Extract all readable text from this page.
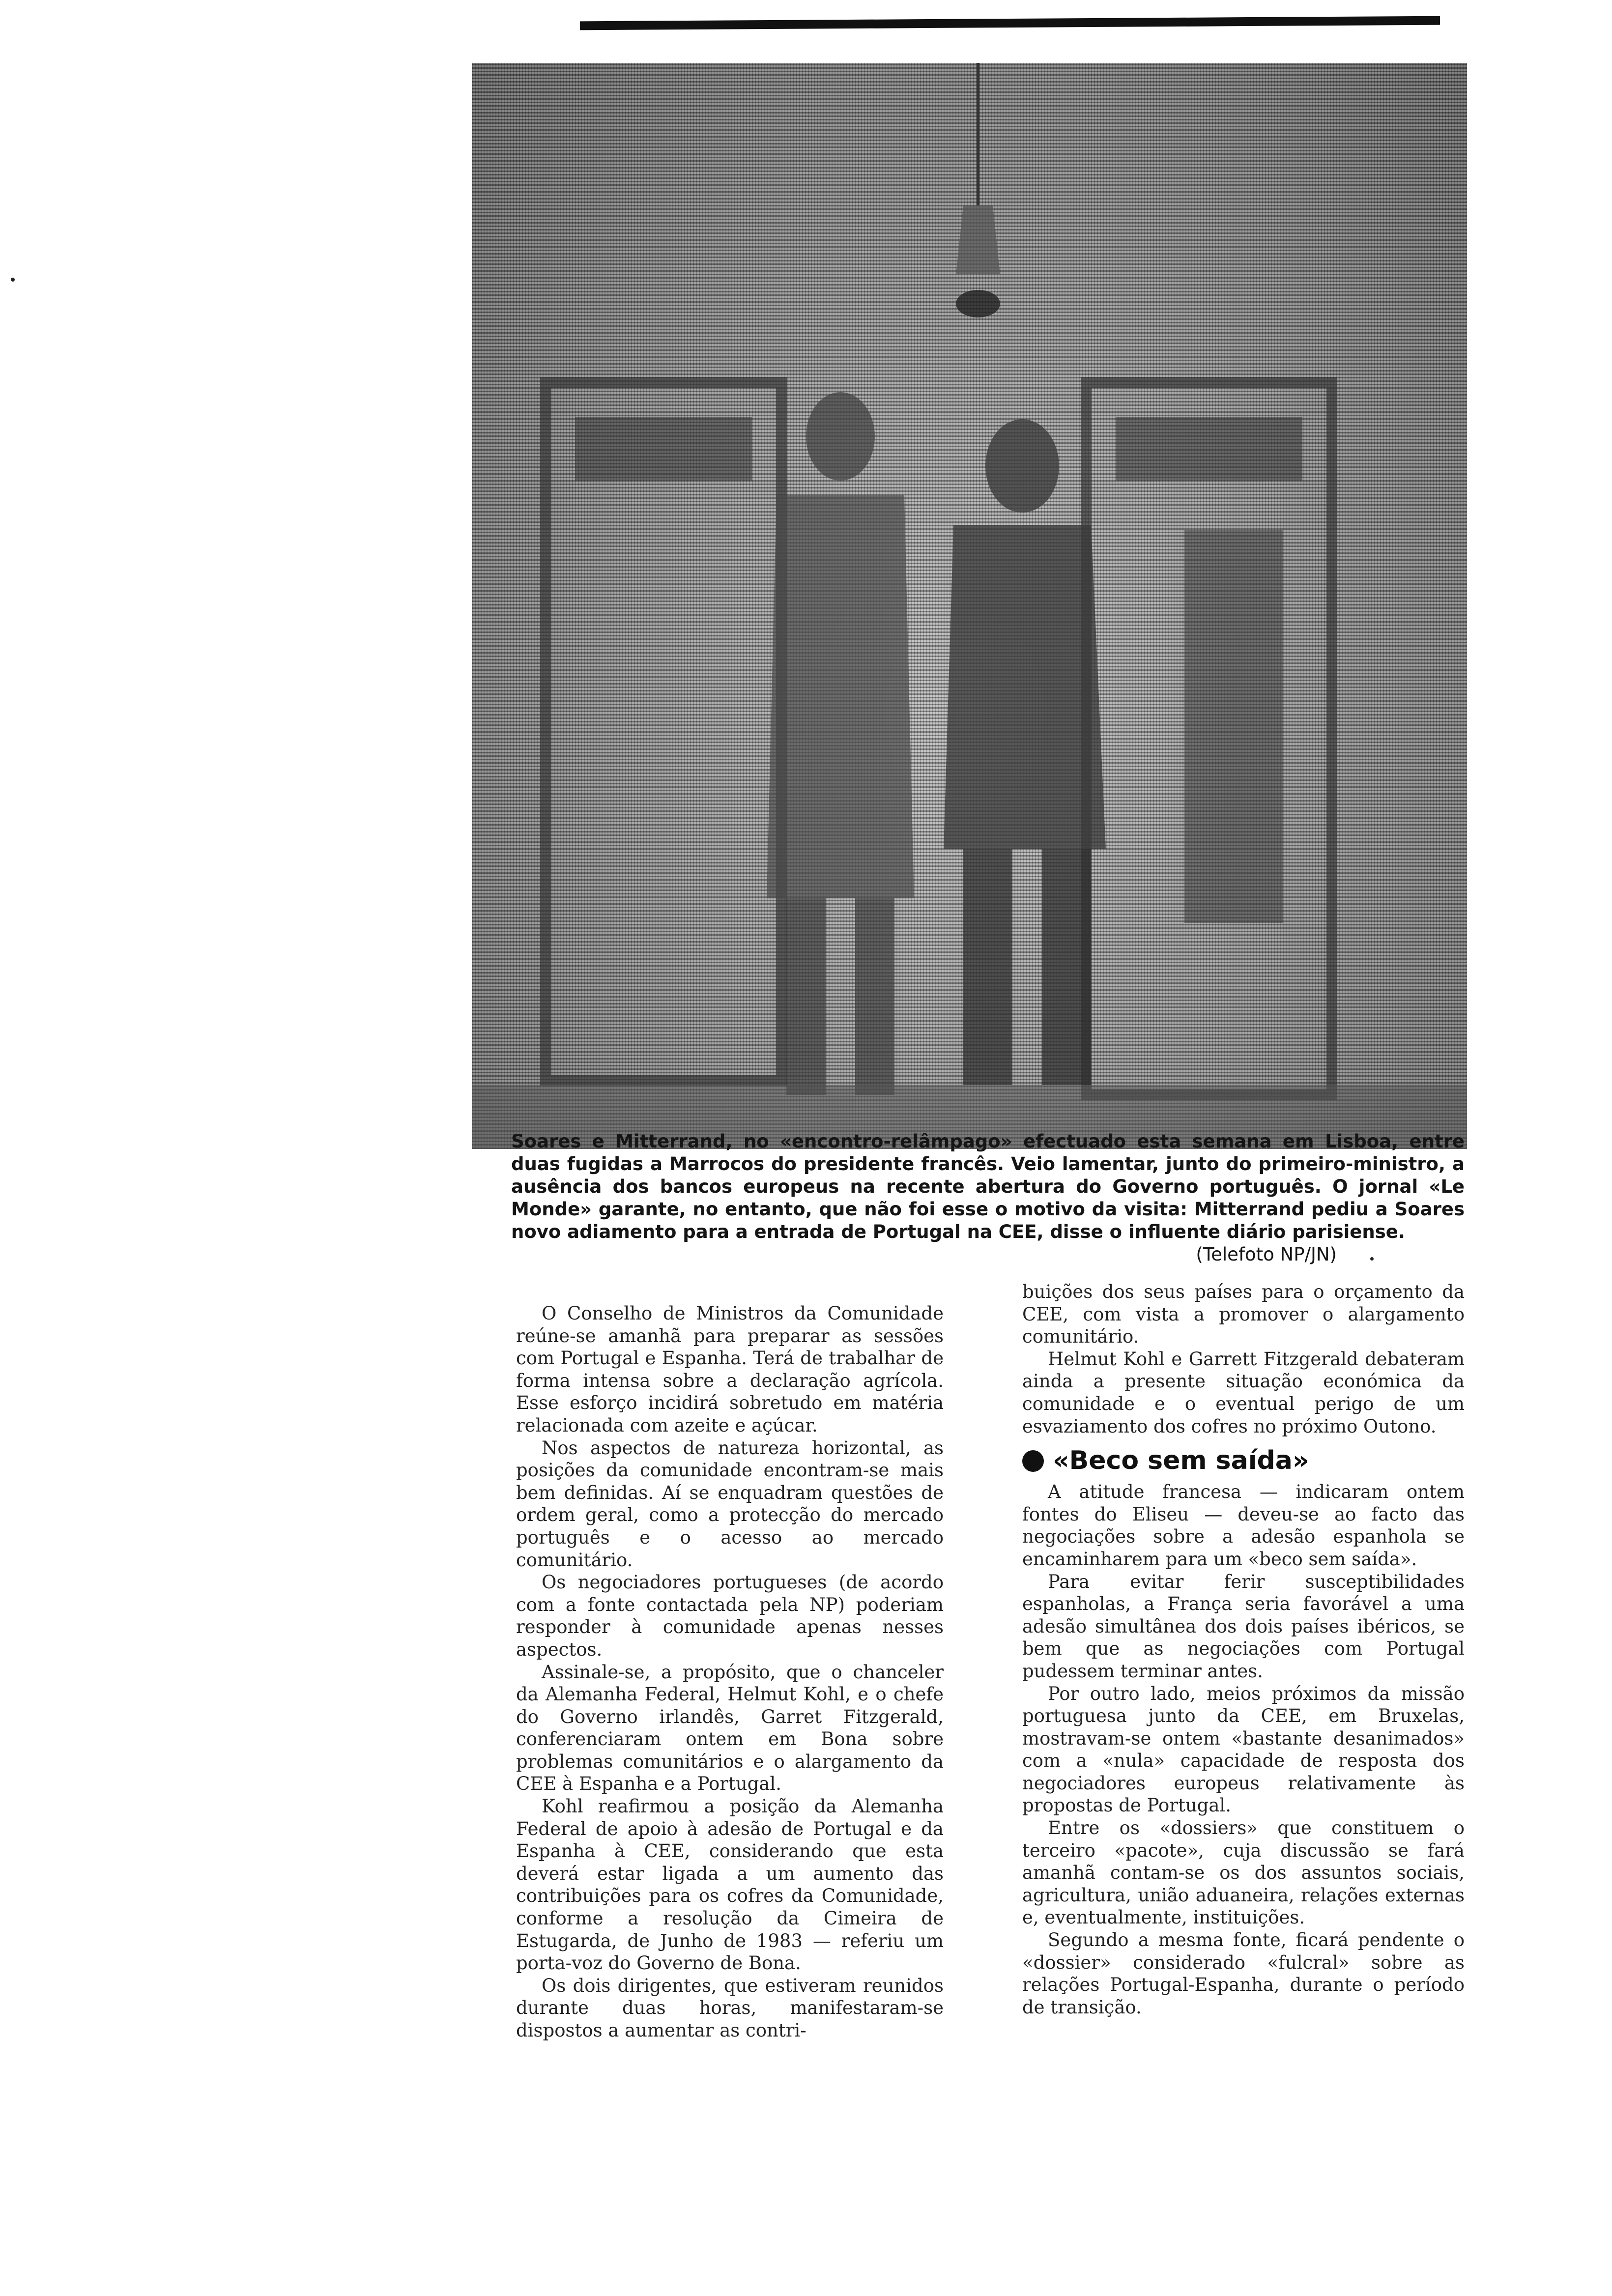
Soares e Mitterrand, no «encontro-relâmpago» efectuado esta semana em Lisboa, entre duas fugidas a Marrocos do presidente francês. Veio lamentar, junto do primeiro-ministro, a ausência dos bancos europeus na recente abertura do Governo português. O jornal «Le Monde» garante, no entanto, que não foi esse o motivo da visita: Mitterrand pediu a Soares novo adiamento para a entrada de Portugal na CEE, disse o influente diário parisiense.
(Telefoto NP/JN)

O Conselho de Ministros da Comunidade reúne-se amanhã para preparar as sessões com Portugal e Espanha. Terá de trabalhar de forma intensa sobre a declaração agrícola. Esse esforço incidirá sobretudo em matéria relacionada com azeite e açúcar.

Nos aspectos de natureza horizontal, as posições da comunidade encontram-se mais bem definidas. Aí se enquadram questões de ordem geral, como a protecção do mercado português e o acesso ao mercado comunitário.

Os negociadores portugueses (de acordo com a fonte contactada pela NP) poderiam responder à comunidade apenas nesses aspectos.

Assinale-se, a propósito, que o chanceler da Alemanha Federal, Helmut Kohl, e o chefe do Governo irlandês, Garret Fitzgerald, conferenciaram ontem em Bona sobre problemas comunitários e o alargamento da CEE à Espanha e a Portugal.

Kohl reafirmou a posição da Alemanha Federal de apoio à adesão de Portugal e da Espanha à CEE, considerando que esta deverá estar ligada a um aumento das contribuições para os cofres da Comunidade, conforme a resolução da Cimeira de Estugarda, de Junho de 1983 — referiu um porta-voz do Governo de Bona.

Os dois dirigentes, que estiveram reunidos durante duas horas, manifestaram-se dispostos a aumentar as contri-

buições dos seus países para o orçamento da CEE, com vista a promover o alargamento comunitário.

Helmut Kohl e Garrett Fitzgerald debateram ainda a presente situação económica da comunidade e o eventual perigo de um esvaziamento dos cofres no próximo Outono.

«Beco sem saída»

A atitude francesa — indicaram ontem fontes do Eliseu — deveu-se ao facto das negociações sobre a adesão espanhola se encaminharem para um «beco sem saída».

Para evitar ferir susceptibilidades espanholas, a França seria favorável a uma adesão simultânea dos dois países ibéricos, se bem que as negociações com Portugal pudessem terminar antes.

Por outro lado, meios próximos da missão portuguesa junto da CEE, em Bruxelas, mostravam-se ontem «bastante desanimados» com a «nula» capacidade de resposta dos negociadores europeus relativamente às propostas de Portugal.

Entre os «dossiers» que constituem o terceiro «pacote», cuja discussão se fará amanhã contam-se os dos assuntos sociais, agricultura, união aduaneira, relações externas e, eventualmente, instituições.

Segundo a mesma fonte, ficará pendente o «dossier» considerado «fulcral» sobre as relações Portugal-Espanha, durante o período de transição.
